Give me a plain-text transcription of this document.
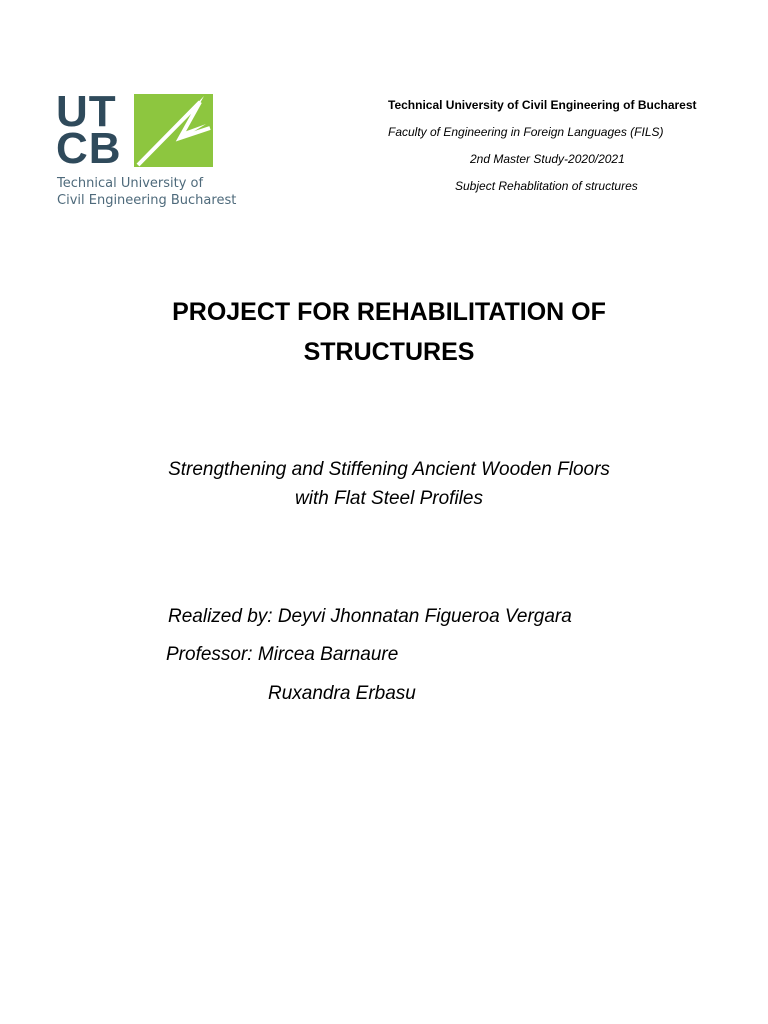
UT
CB
Technical University of
Civil Engineering Bucharest
Technical University of Civil Engineering of Bucharest
Faculty of Engineering in Foreign Languages (FILS)
2nd Master Study-2020/2021
Subject Rehablitation of structures
PROJECT FOR REHABILITATION OF
STRUCTURES
Strengthening and Stiffening Ancient Wooden Floors
with Flat Steel Profiles
Realized by: Deyvi Jhonnatan Figueroa Vergara
Professor: Mircea Barnaure
Ruxandra Erbasu
